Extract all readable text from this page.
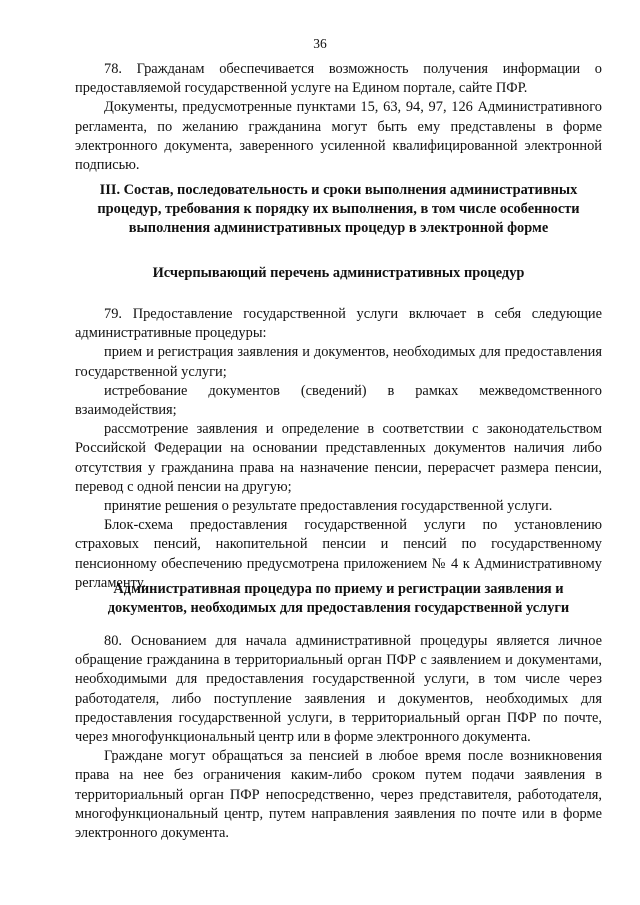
36

78. Гражданам обеспечивается возможность получения информации о предоставляемой государственной услуге на Едином портале, сайте ПФР.

Документы, предусмотренные пунктами 15, 63, 94, 97, 126 Административного регламента, по желанию гражданина могут быть ему представлены в форме электронного документа, заверенного усиленной квалифицированной электронной подписью.

III. Состав, последовательность и сроки выполнения административных процедур, требования к порядку их выполнения, в том числе особенности выполнения административных процедур в электронной форме

Исчерпывающий перечень административных процедур

79. Предоставление государственной услуги включает в себя следующие административные процедуры:

прием и регистрация заявления и документов, необходимых для предоставления государственной услуги;

истребование документов (сведений) в рамках межведомственного взаимодействия;

рассмотрение заявления и определение в соответствии с законодательством Российской Федерации на основании представленных документов наличия либо отсутствия у гражданина права на назначение пенсии, перерасчет размера пенсии, перевод с одной пенсии на другую;

принятие решения о результате предоставления государственной услуги.

Блок-схема предоставления государственной услуги по установлению страховых пенсий, накопительной пенсии и пенсий по государственному пенсионному обеспечению предусмотрена приложением № 4 к Административному регламенту.

Административная процедура по приему и регистрации заявления и документов, необходимых для предоставления государственной услуги

80. Основанием для начала административной процедуры является личное обращение гражданина в территориальный орган ПФР с заявлением и документами, необходимыми для предоставления государственной услуги, в том числе через работодателя, либо поступление заявления и документов, необходимых для предоставления государственной услуги, в территориальный орган ПФР по почте, через многофункциональный центр или в форме электронного документа.

Граждане могут обращаться за пенсией в любое время после возникновения права на нее без ограничения каким-либо сроком путем подачи заявления в территориальный орган ПФР непосредственно, через представителя, работодателя, многофункциональный центр, путем направления заявления по почте или в форме электронного документа.
